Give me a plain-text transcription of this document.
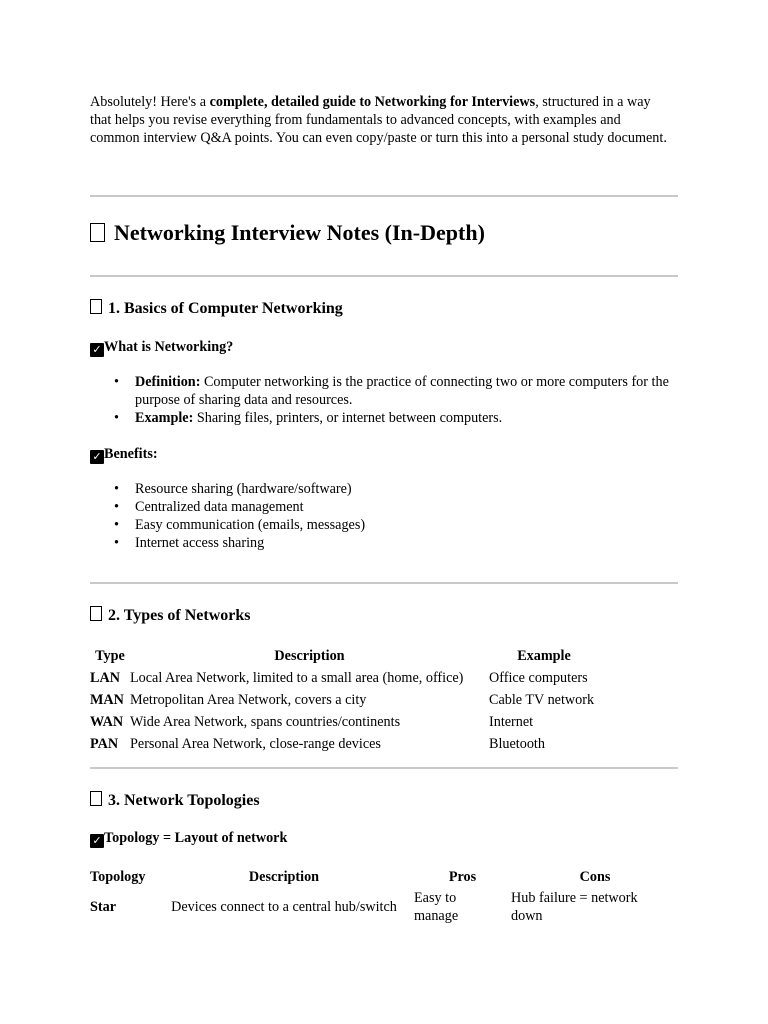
Absolutely! Here's a complete, detailed guide to Networking for Interviews, structured in a way that helps you revise everything from fundamentals to advanced concepts, with examples and common interview Q&A points. You can even copy/paste or turn this into a personal study document.

Networking Interview Notes (In-Depth)
1. Basics of Computer Networking
✓ What is Networking?
• Definition: Computer networking is the practice of connecting two or more computers for the purpose of sharing data and resources.
• Example: Sharing files, printers, or internet between computers.
✓ Benefits:
• Resource sharing (hardware/software)
• Centralized data management
• Easy communication (emails, messages)
• Internet access sharing
2. Types of Networks
Type	Description	Example
LAN	Local Area Network, limited to a small area (home, office)	Office computers
MAN	Metropolitan Area Network, covers a city	Cable TV network
WAN	Wide Area Network, spans countries/continents	Internet
PAN	Personal Area Network, close-range devices	Bluetooth
3. Network Topologies
✓ Topology = Layout of network
Topology	Description	Pros	Cons
Star	Devices connect to a central hub/switch	Easy to manage	Hub failure = network down
